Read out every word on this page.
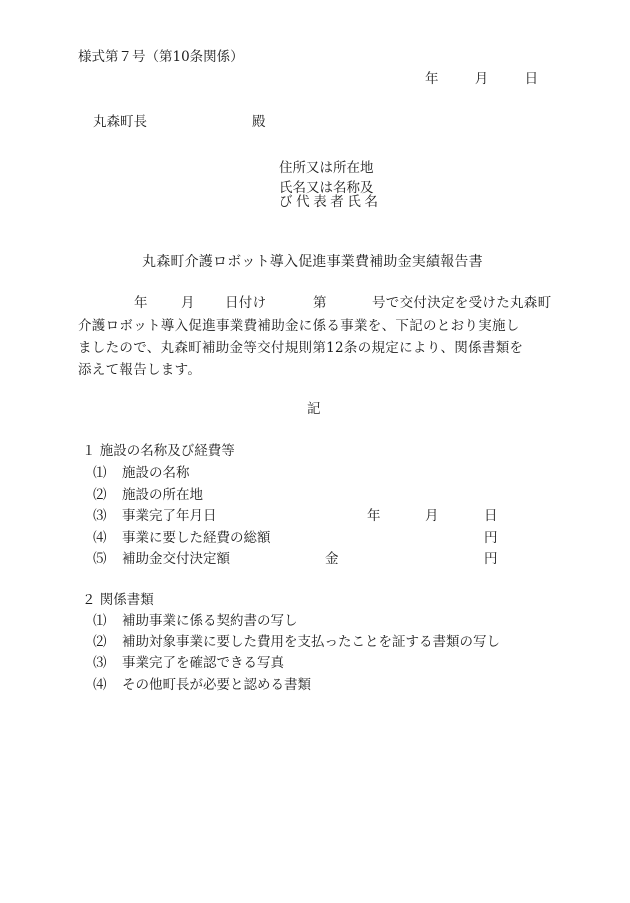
様式第７号（第10条関係）
年	月	日
丸森町長	殿
住所又は所在地
氏名又は名称及
び代表者氏名
丸森町介護ロボット導入促進事業費補助金実績報告書
年 月 日付け	第	号で交付決定を受けた丸森町
介護ロボット導入促進事業費補助金に係る事業を、下記のとおり実施し
ましたので、丸森町補助金等交付規則第12条の規定により、関係書類を
添えて報告します。
記
１ 施設の名称及び経費等
⑴ 施設の名称
⑵ 施設の所在地
⑶ 事業完了年月日	年	月	日
⑷ 事業に要した経費の総額	円
⑸ 補助金交付決定額	金	円
２ 関係書類
⑴ 補助事業に係る契約書の写し
⑵ 補助対象事業に要した費用を支払ったことを証する書類の写し
⑶ 事業完了を確認できる写真
⑷ その他町長が必要と認める書類
